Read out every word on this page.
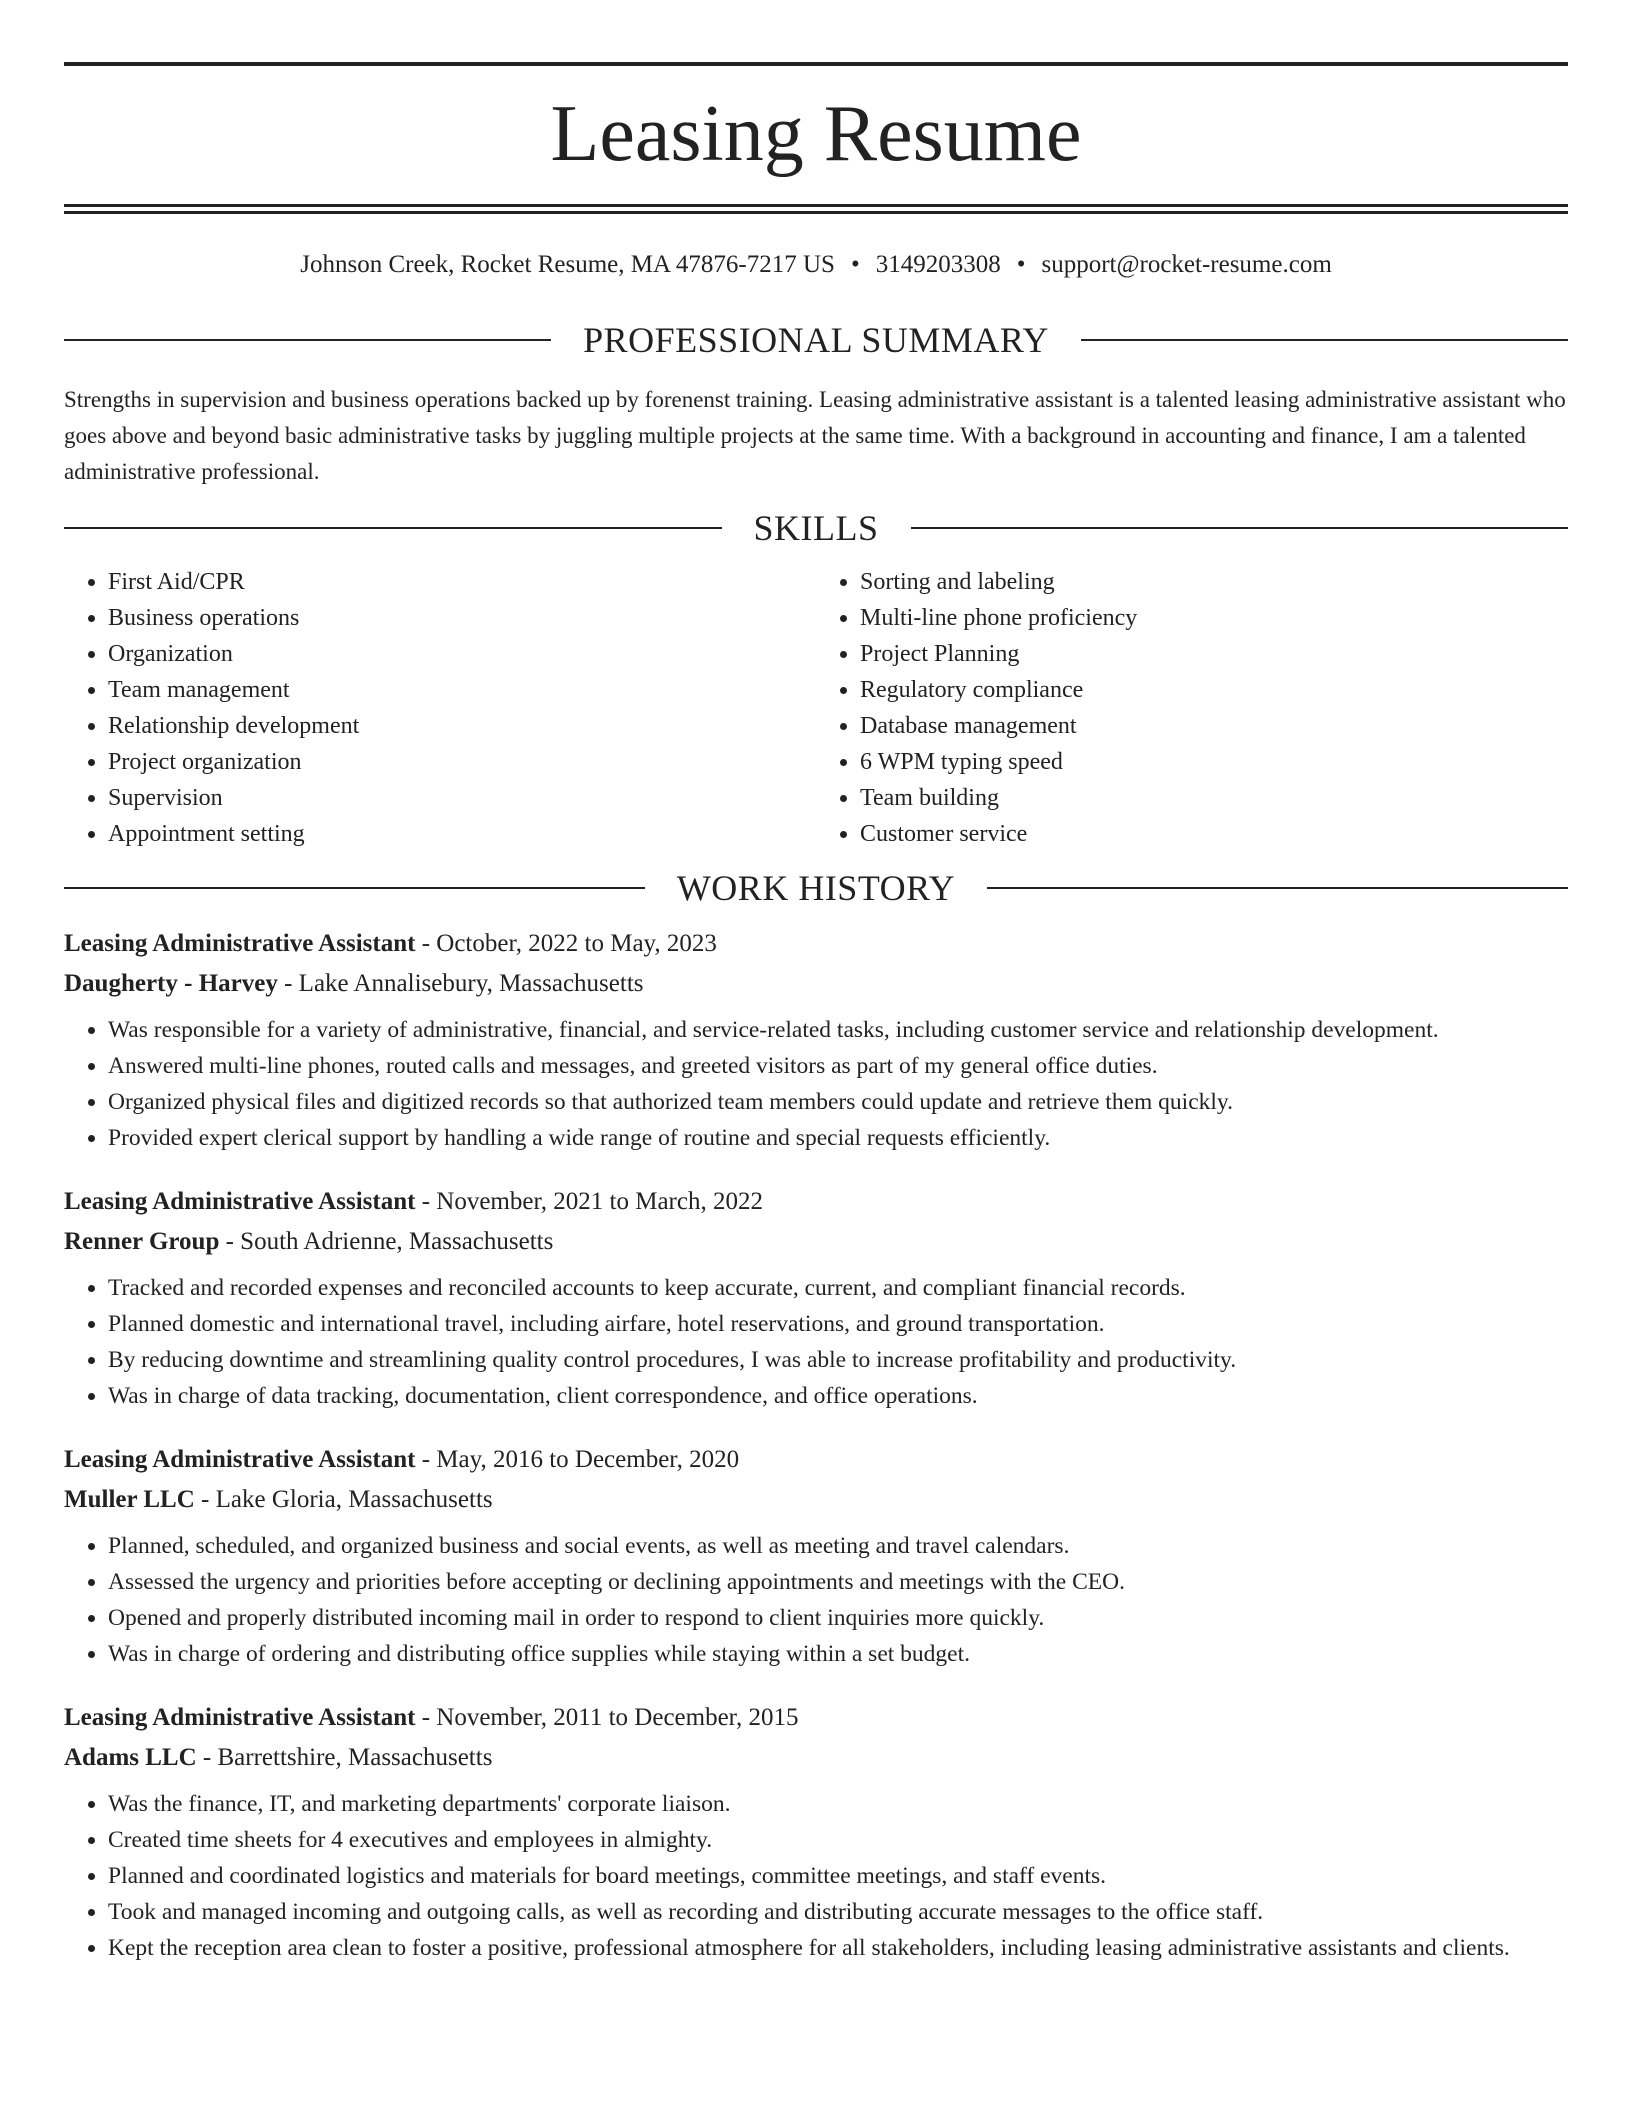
Leasing Resume
Johnson Creek, Rocket Resume, MA 47876-7217 US • 3149203308 • support@rocket-resume.com
PROFESSIONAL SUMMARY

Strengths in supervision and business operations backed up by forenenst training. Leasing administrative assistant is a talented leasing administrative assistant who goes above and beyond basic administrative tasks by juggling multiple projects at the same time. With a background in accounting and finance, I am a talented administrative professional.

SKILLS
• First Aid/CPR
• Business operations
• Organization
• Team management
• Relationship development
• Project organization
• Supervision
• Appointment setting
• Sorting and labeling
• Multi-line phone proficiency
• Project Planning
• Regulatory compliance
• Database management
• 6 WPM typing speed
• Team building
• Customer service
WORK HISTORY
Leasing Administrative Assistant - October, 2022 to May, 2023
Daugherty - Harvey - Lake Annalisebury, Massachusetts
• Was responsible for a variety of administrative, financial, and service-related tasks, including customer service and relationship development.
• Answered multi-line phones, routed calls and messages, and greeted visitors as part of my general office duties.
• Organized physical files and digitized records so that authorized team members could update and retrieve them quickly.
• Provided expert clerical support by handling a wide range of routine and special requests efficiently.
Leasing Administrative Assistant - November, 2021 to March, 2022
Renner Group - South Adrienne, Massachusetts
• Tracked and recorded expenses and reconciled accounts to keep accurate, current, and compliant financial records.
• Planned domestic and international travel, including airfare, hotel reservations, and ground transportation.
• By reducing downtime and streamlining quality control procedures, I was able to increase profitability and productivity.
• Was in charge of data tracking, documentation, client correspondence, and office operations.
Leasing Administrative Assistant - May, 2016 to December, 2020
Muller LLC - Lake Gloria, Massachusetts
• Planned, scheduled, and organized business and social events, as well as meeting and travel calendars.
• Assessed the urgency and priorities before accepting or declining appointments and meetings with the CEO.
• Opened and properly distributed incoming mail in order to respond to client inquiries more quickly.
• Was in charge of ordering and distributing office supplies while staying within a set budget.
Leasing Administrative Assistant - November, 2011 to December, 2015
Adams LLC - Barrettshire, Massachusetts
• Was the finance, IT, and marketing departments' corporate liaison.
• Created time sheets for 4 executives and employees in almighty.
• Planned and coordinated logistics and materials for board meetings, committee meetings, and staff events.
• Took and managed incoming and outgoing calls, as well as recording and distributing accurate messages to the office staff.
• Kept the reception area clean to foster a positive, professional atmosphere for all stakeholders, including leasing administrative assistants and clients.
